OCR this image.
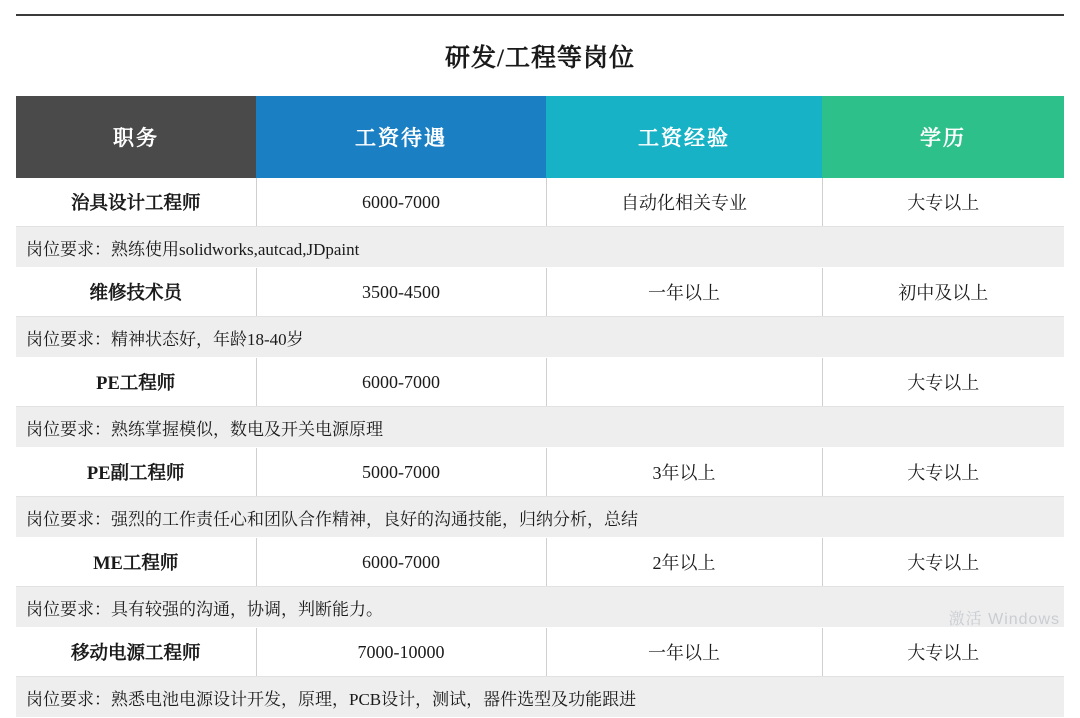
研发/工程等岗位
职务	工资待遇	工资经验	学历
治具设计工程师	6000-7000	自动化相关专业	大专以上
岗位要求：熟练使用solidworks,autcad,JDpaint			
维修技术员	3500-4500	一年以上	初中及以上
岗位要求：精神状态好，年龄18-40岁			
PE工程师	6000-7000		大专以上
岗位要求：熟练掌握模似，数电及开关电源原理			
PE副工程师	5000-7000	3年以上	大专以上
岗位要求：强烈的工作责任心和团队合作精神，良好的沟通技能，归纳分析，总结			
ME工程师	6000-7000	2年以上	大专以上
岗位要求：具有较强的沟通，协调，判断能力。			
移动电源工程师	7000-10000	一年以上	大专以上
岗位要求：熟悉电池电源设计开发，原理，PCB设计，测试，器件选型及功能跟进			
激活 Windows
